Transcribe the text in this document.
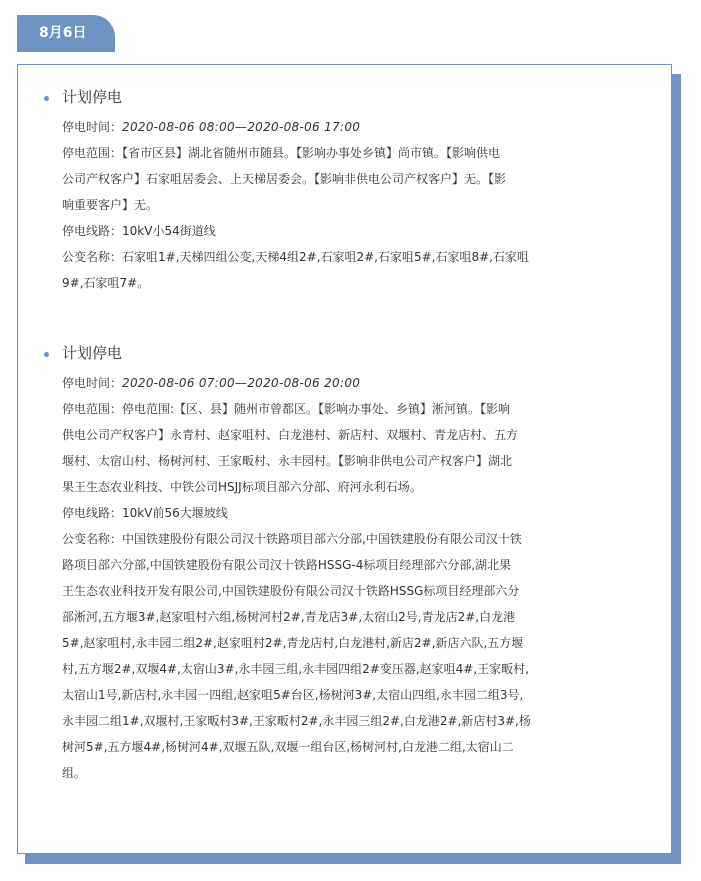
8月6日
计划停电
停电时间：2020-08-06 08:00—2020-08-06 17:00
停电范围：【省市区县】湖北省随州市随县。【影响办事处乡镇】尚市镇。【影响供电
公司产权客户】石家咀居委会、上天梯居委会。【影响非供电公司产权客户】无。【影
响重要客户】无。
停电线路：10kV小54街道线
公变名称：石家咀1#,天梯四组公变,天梯4组2#,石家咀2#,石家咀5#,石家咀8#,石家咀
9#,石家咀7#。
计划停电
停电时间：2020-08-06 07:00—2020-08-06 20:00
停电范围：停电范围:【区、县】随州市曾都区。【影响办事处、乡镇】淅河镇。【影响
供电公司产权客户】永青村、赵家咀村、白龙港村、新店村、双堰村、青龙店村、五方
堰村、太宿山村、杨树河村、王家畈村、永丰园村。【影响非供电公司产权客户】湖北
果王生态农业科技、中铁公司HSJJ标项目部六分部、府河永利石场。
停电线路：10kV前56大堰坡线
公变名称：中国铁建股份有限公司汉十铁路项目部六分部,中国铁建股份有限公司汉十铁
路项目部六分部,中国铁建股份有限公司汉十铁路HSSG-4标项目经理部六分部,湖北果
王生态农业科技开发有限公司,中国铁建股份有限公司汉十铁路HSSG标项目经理部六分
部淅河,五方堰3#,赵家咀村六组,杨树河村2#,青龙店3#,太宿山2号,青龙店2#,白龙港
5#,赵家咀村,永丰园二组2#,赵家咀村2#,青龙店村,白龙港村,新店2#,新店六队,五方堰
村,五方堰2#,双堰4#,太宿山3#,永丰园三组,永丰园四组2#变压器,赵家咀4#,王家畈村,
太宿山1号,新店村,永丰园一四组,赵家咀5#台区,杨树河3#,太宿山四组,永丰园二组3号,
永丰园二组1#,双堰村,王家畈村3#,王家畈村2#,永丰园三组2#,白龙港2#,新店村3#,杨
树河5#,五方堰4#,杨树河4#,双堰五队,双堰一组台区,杨树河村,白龙港二组,太宿山二
组。
